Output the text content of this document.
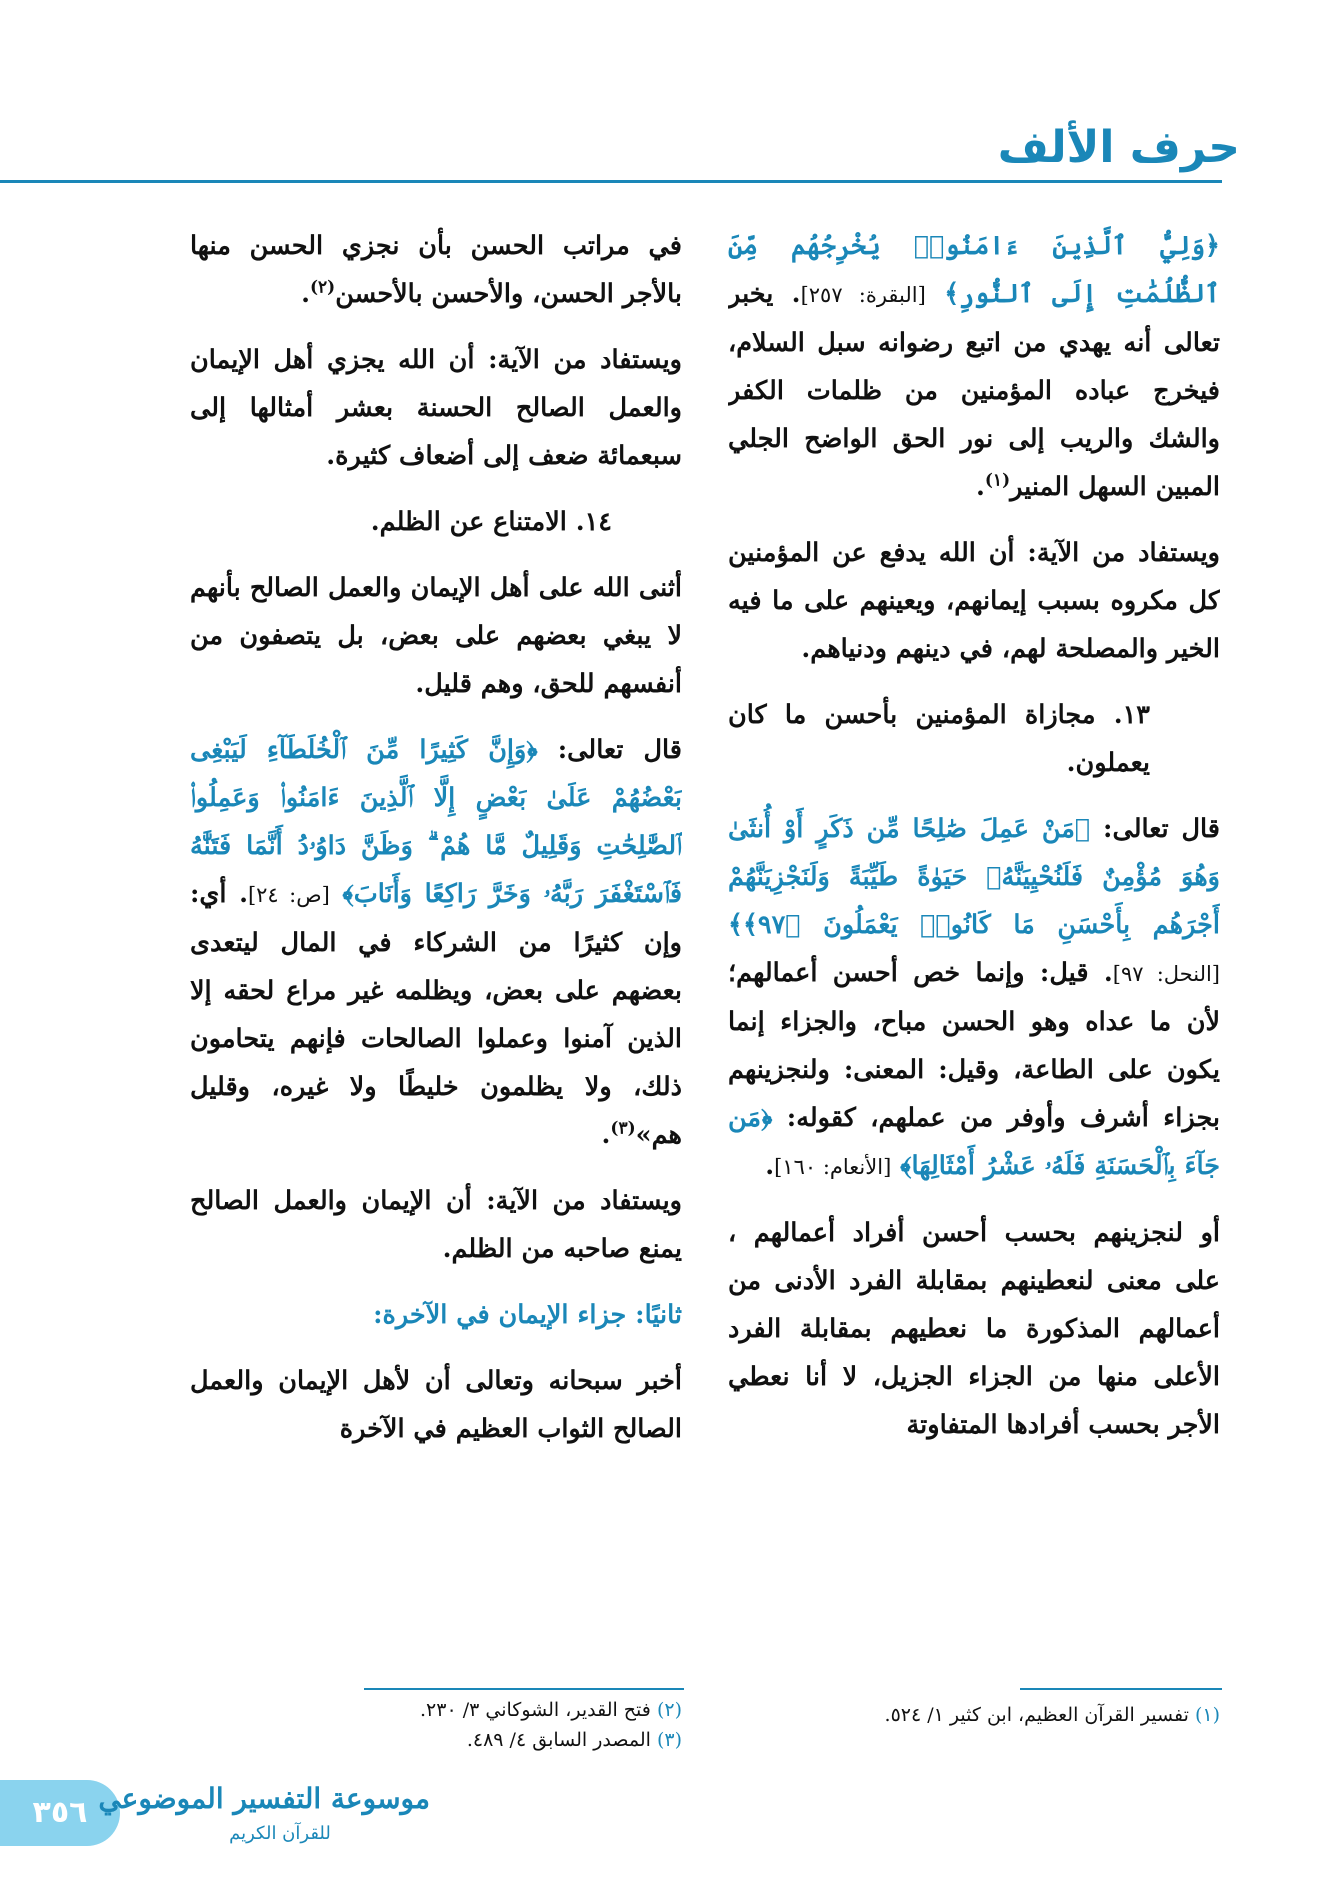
حرف الألف

﴿وَلِيُّ ٱلَّذِينَ ءَامَنُوا۟ يُخْرِجُهُم مِّنَ ٱلظُّلُمَٰتِ إِلَى ٱلنُّورِ﴾ [البقرة: ٢٥٧]. يخبر تعالى أنه يهدي من اتبع رضوانه سبل السلام، فيخرج عباده المؤمنين من ظلمات الكفر والشك والريب إلى نور الحق الواضح الجلي المبين السهل المنير$^{(١)}$.

ويستفاد من الآية: أن الله يدفع عن المؤمنين كل مكروه بسبب إيمانهم، ويعينهم على ما فيه الخير والمصلحة لهم، في دينهم ودنياهم.

١٣. مجازاة المؤمنين بأحسن ما كان يعملون.

قال تعالى: ﴿مَنْ عَمِلَ صَٰلِحًا مِّن ذَكَرٍ أَوْ أُنثَىٰ وَهُوَ مُؤْمِنٌ فَلَنُحْيِيَنَّهُۥ حَيَوٰةً طَيِّبَةً وَلَنَجْزِيَنَّهُمْ أَجْرَهُم بِأَحْسَنِ مَا كَانُوا۟ يَعْمَلُونَ ﴿٩٧﴾﴾ [النحل: ٩٧]. قيل: وإنما خص أحسن أعمالهم؛ لأن ما عداه وهو الحسن مباح، والجزاء إنما يكون على الطاعة، وقيل: المعنى: ولنجزينهم بجزاء أشرف وأوفر من عملهم، كقوله: ﴿مَن جَآءَ بِٱلْحَسَنَةِ فَلَهُۥ عَشْرُ أَمْثَالِهَا﴾ [الأنعام: ١٦٠].

أو لنجزينهم بحسب أحسن أفراد أعمالهم ، على معنى لنعطينهم بمقابلة الفرد الأدنى من أعمالهم المذكورة ما نعطيهم بمقابلة الفرد الأعلى منها من الجزاء الجزيل، لا أنا نعطي الأجر بحسب أفرادها المتفاوتة

في مراتب الحسن بأن نجزي الحسن منها بالأجر الحسن، والأحسن بالأحسن$^{(٢)}$.

ويستفاد من الآية: أن الله يجزي أهل الإيمان والعمل الصالح الحسنة بعشر أمثالها إلى سبعمائة ضعف إلى أضعاف كثيرة.

١٤. الامتناع عن الظلم.

أثنى الله على أهل الإيمان والعمل الصالح بأنهم لا يبغي بعضهم على بعض، بل يتصفون من أنفسهم للحق، وهم قليل.

قال تعالى: ﴿وَإِنَّ كَثِيرًا مِّنَ ٱلْخُلَطَآءِ لَيَبْغِى بَعْضُهُمْ عَلَىٰ بَعْضٍ إِلَّا ٱلَّذِينَ ءَامَنُوا۟ وَعَمِلُوا۟ ٱلصَّٰلِحَٰتِ وَقَلِيلٌ مَّا هُمْ ۗ وَظَنَّ دَاوُۥدُ أَنَّمَا فَتَنَّٰهُ فَٱسْتَغْفَرَ رَبَّهُۥ وَخَرَّ رَاكِعًا وَأَنَابَ﴾ [ص: ٢٤]. أي: وإن كثيرًا من الشركاء في المال ليتعدى بعضهم على بعض، ويظلمه غير مراع لحقه إلا الذين آمنوا وعملوا الصالحات فإنهم يتحامون ذلك، ولا يظلمون خليطًا ولا غيره، وقليل هم»$^{(٣)}$.

ويستفاد من الآية: أن الإيمان والعمل الصالح يمنع صاحبه من الظلم.

ثانيًا: جزاء الإيمان في الآخرة:

أخبر سبحانه وتعالى أن لأهل الإيمان والعمل الصالح الثواب العظيم في الآخرة

(١) تفسير القرآن العظيم، ابن كثير ١/ ٥٢٤.
(٢) فتح القدير، الشوكاني ٣/ ٢٣٠.
(٣) المصدر السابق ٤/ ٤٨٩.
٣٥٦ موسوعة التفسير الموضوعي
للقرآن الكريم
